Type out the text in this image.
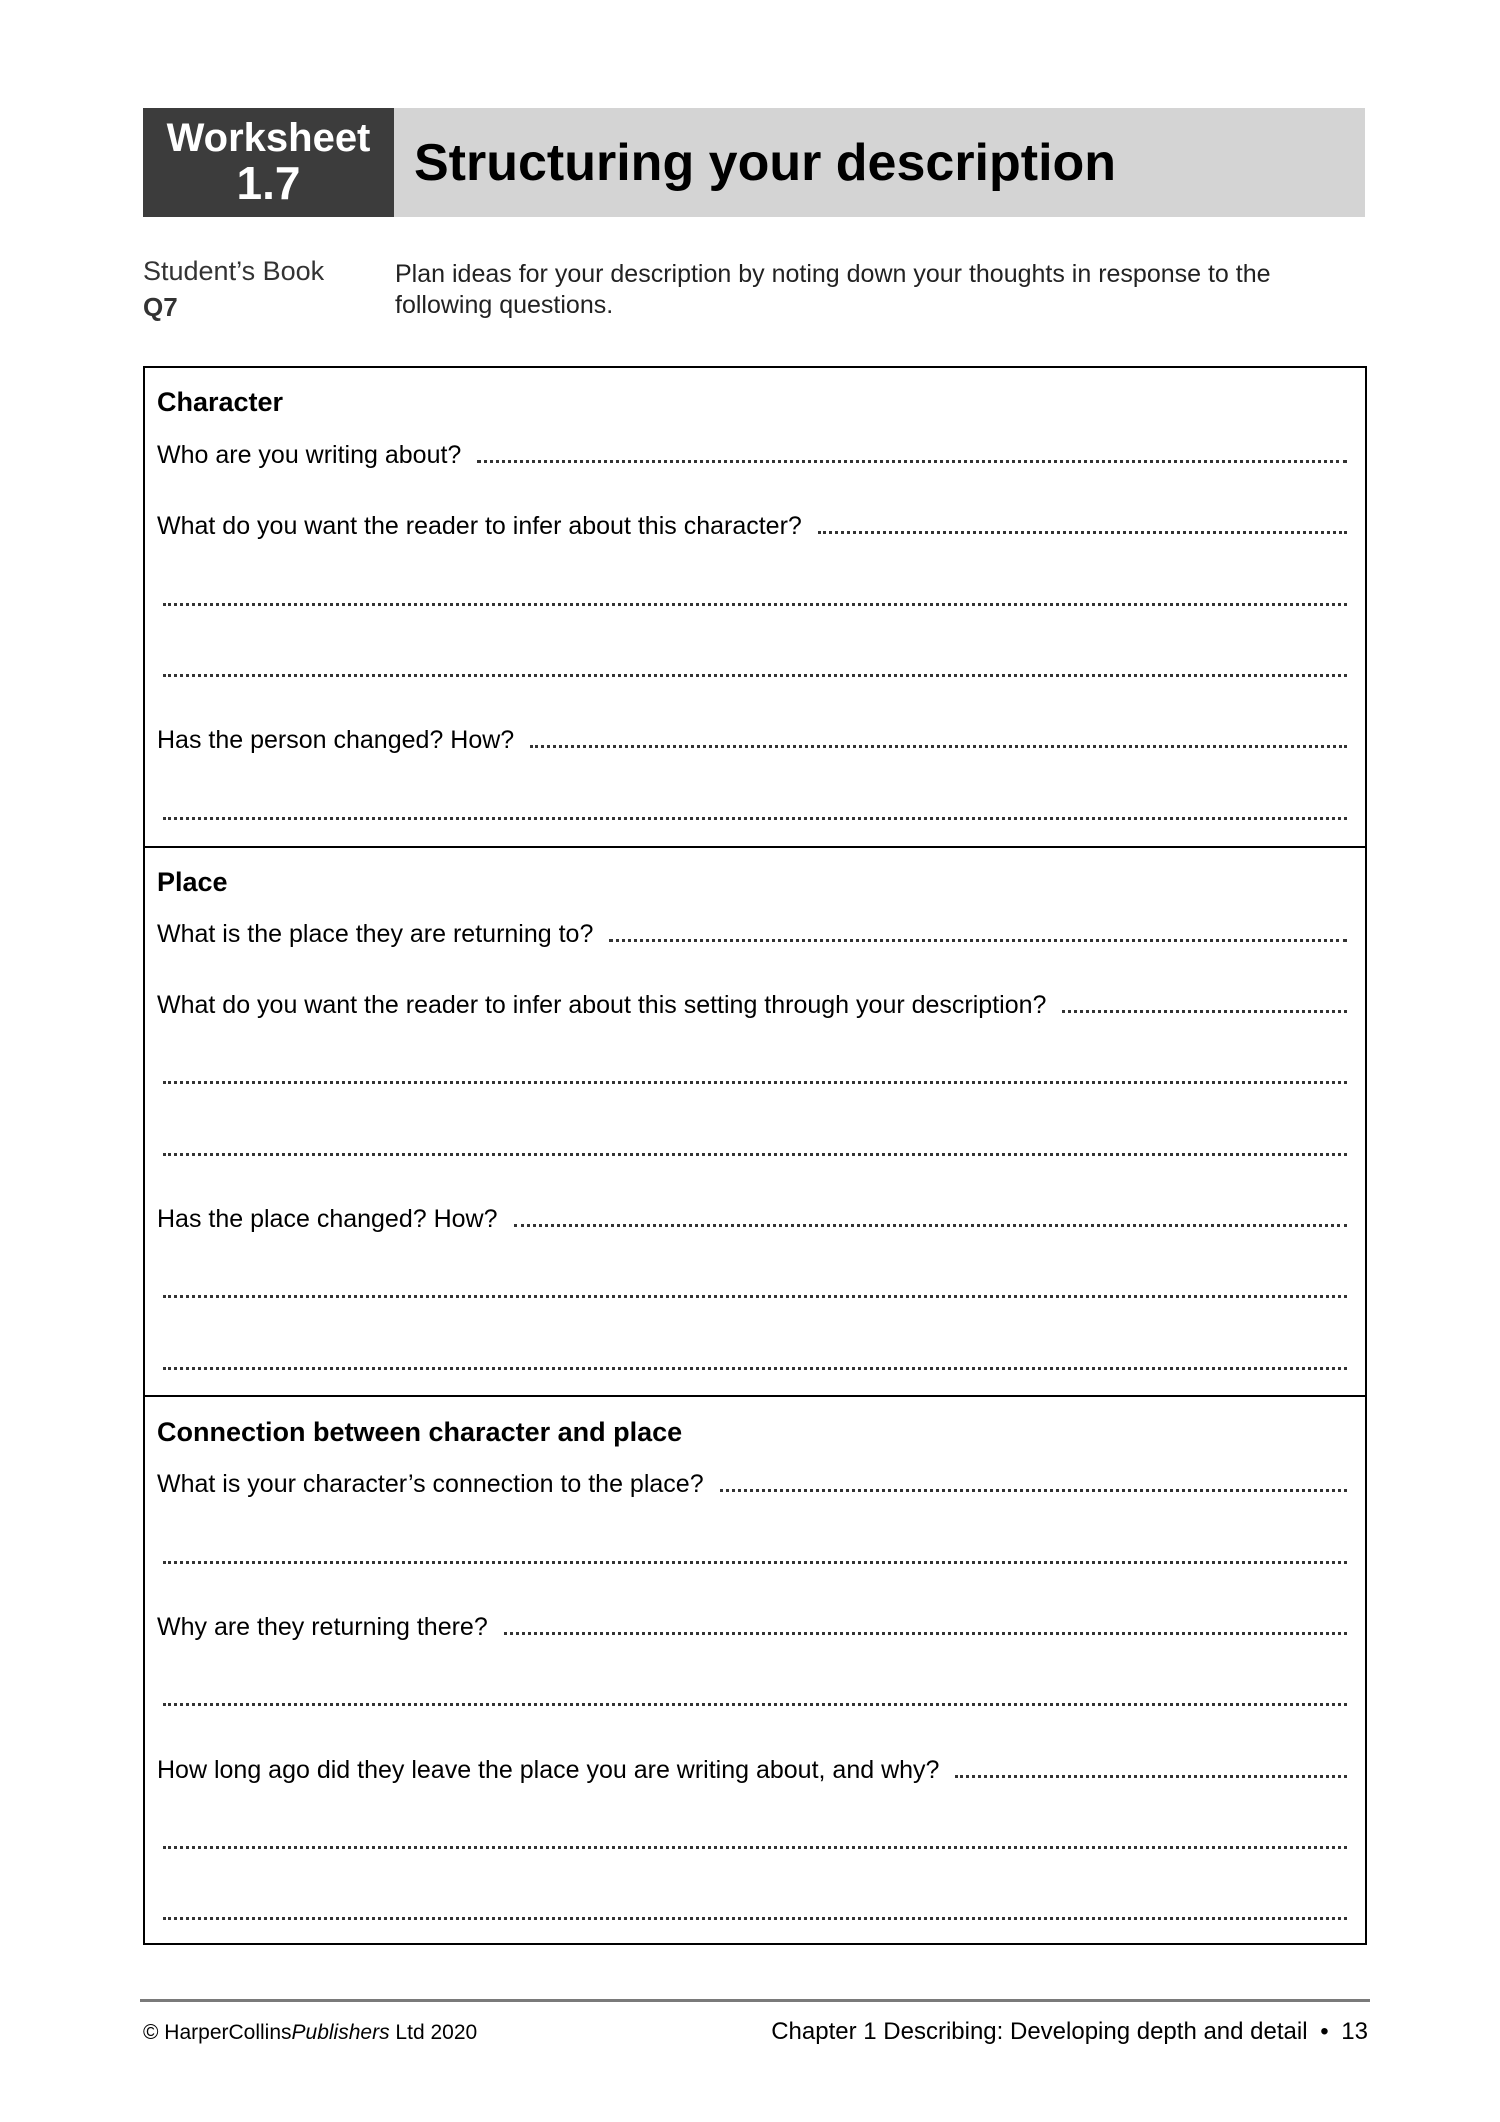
Worksheet
1.7 Structuring your description
Student’s Book
Q7
Plan ideas for your description by noting down your thoughts in response to the following questions.
Character
Who are you writing about?
What do you want the reader to infer about this character?
Has the person changed? How?
Place
What is the place they are returning to?
What do you want the reader to infer about this setting through your description?
Has the place changed? How?
Connection between character and place
What is your character’s connection to the place?
Why are they returning there?
How long ago did they leave the place you are writing about, and why?
© HarperCollinsPublishers Ltd 2020	Chapter 1 Describing: Developing depth and detail • 13
